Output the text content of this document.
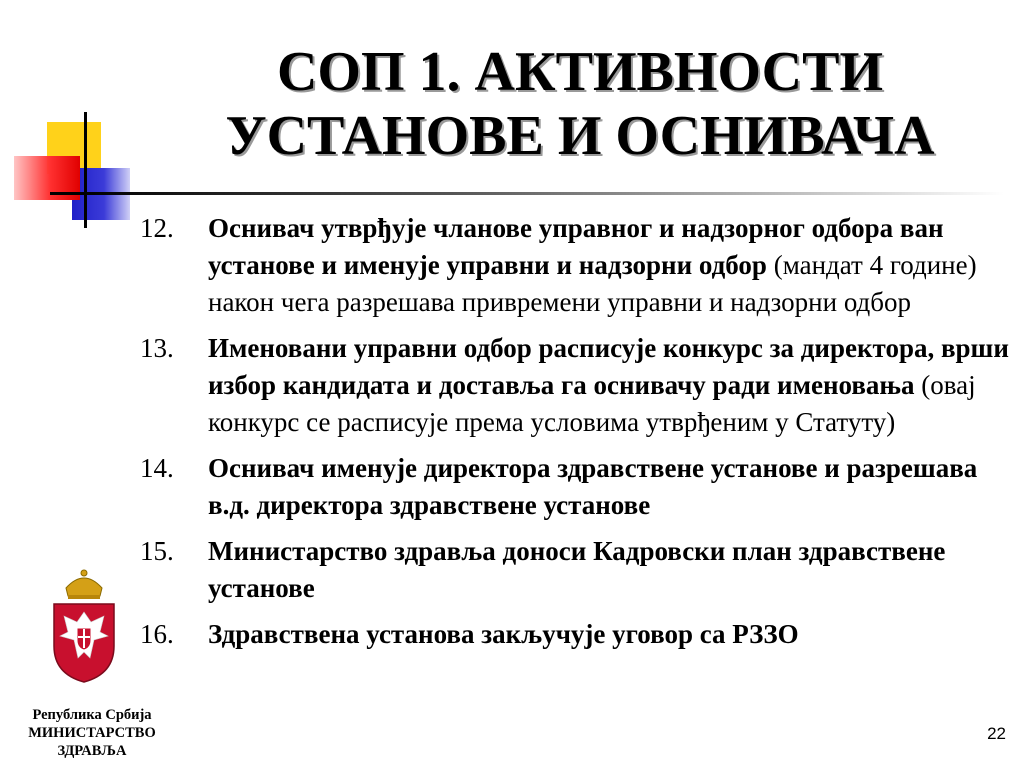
СОП 1. АКТИВНОСТИ
УСТАНОВЕ И ОСНИВАЧА
12. Оснивач утврђује чланове управног и надзорног одбора ван установе и именује управни и надзорни одбор (мандат 4 године) након чега разрешава привремени управни и надзорни одбор
13. Именовани управни одбор расписује конкурс за директора, врши избор кандидата и доставља га оснивачу ради именовања (овај конкурс се расписује према условима утврђеним у Статуту)
14. Оснивач именује директора здравствене установе и разрешава в.д. директора здравствене установе
15. Министарство здравља доноси Кадровски план здравствене установе
16. Здравствена установа закључује уговор са РЗЗО
Република Србија
МИНИСТАРСТВО
ЗДРАВЉА
22
